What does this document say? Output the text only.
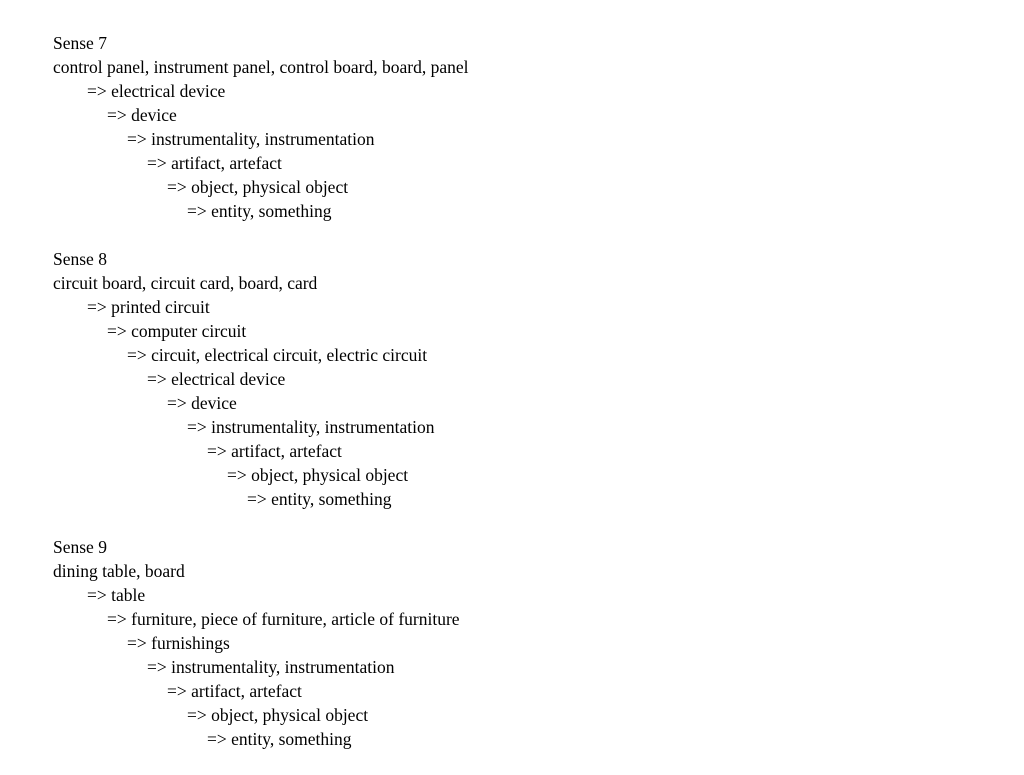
Sense 7
control panel, instrument panel, control board, board, panel
=> electrical device
=> device
=> instrumentality, instrumentation
=> artifact, artefact
=> object, physical object
=> entity, something
Sense 8
circuit board, circuit card, board, card
=> printed circuit
=> computer circuit
=> circuit, electrical circuit, electric circuit
=> electrical device
=> device
=> instrumentality, instrumentation
=> artifact, artefact
=> object, physical object
=> entity, something
Sense 9
dining table, board
=> table
=> furniture, piece of furniture, article of furniture
=> furnishings
=> instrumentality, instrumentation
=> artifact, artefact
=> object, physical object
=> entity, something
